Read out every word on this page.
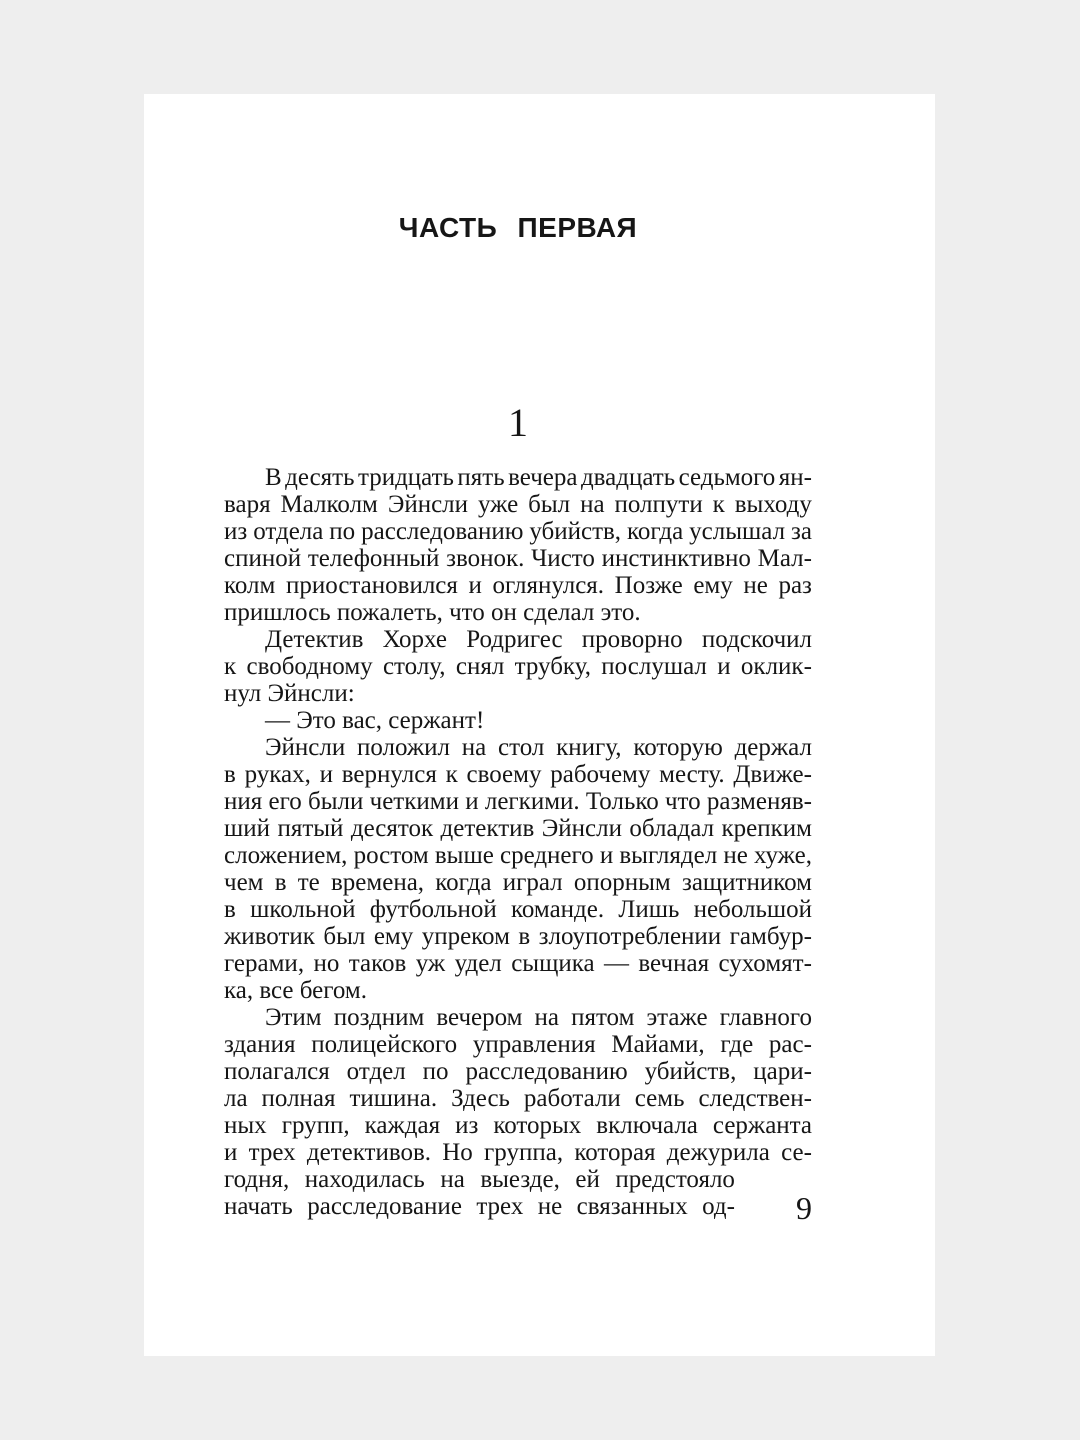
ЧАСТЬ ПЕРВАЯ
1
В десять тридцать пять вечера двадцать седьмого ян-
варя Малколм Эйнсли уже был на полпути к выходу
из отдела по расследованию убийств, когда услышал за
спиной телефонный звонок. Чисто инстинктивно Мал-
колм приостановился и оглянулся. Позже ему не раз
пришлось пожалеть, что он сделал это.
Детектив Хорхе Родригес проворно подскочил
к свободному столу, снял трубку, послушал и оклик-
нул Эйнсли:
— Это вас, сержант!
Эйнсли положил на стол книгу, которую держал
в руках, и вернулся к своему рабочему месту. Движе-
ния его были четкими и легкими. Только что разменяв-
ший пятый десяток детектив Эйнсли обладал крепким
сложением, ростом выше среднего и выглядел не хуже,
чем в те времена, когда играл опорным защитником
в школьной футбольной команде. Лишь небольшой
животик был ему упреком в злоупотреблении гамбур-
герами, но таков уж удел сыщика — вечная сухомят-
ка, все бегом.
Этим поздним вечером на пятом этаже главного
здания полицейского управления Майами, где рас-
полагался отдел по расследованию убийств, цари-
ла полная тишина. Здесь работали семь следствен-
ных групп, каждая из которых включала сержанта
и трех детективов. Но группа, которая дежурила се-
годня, находилась на выезде, ей предстояло
начать расследование трех не связанных од- 9
